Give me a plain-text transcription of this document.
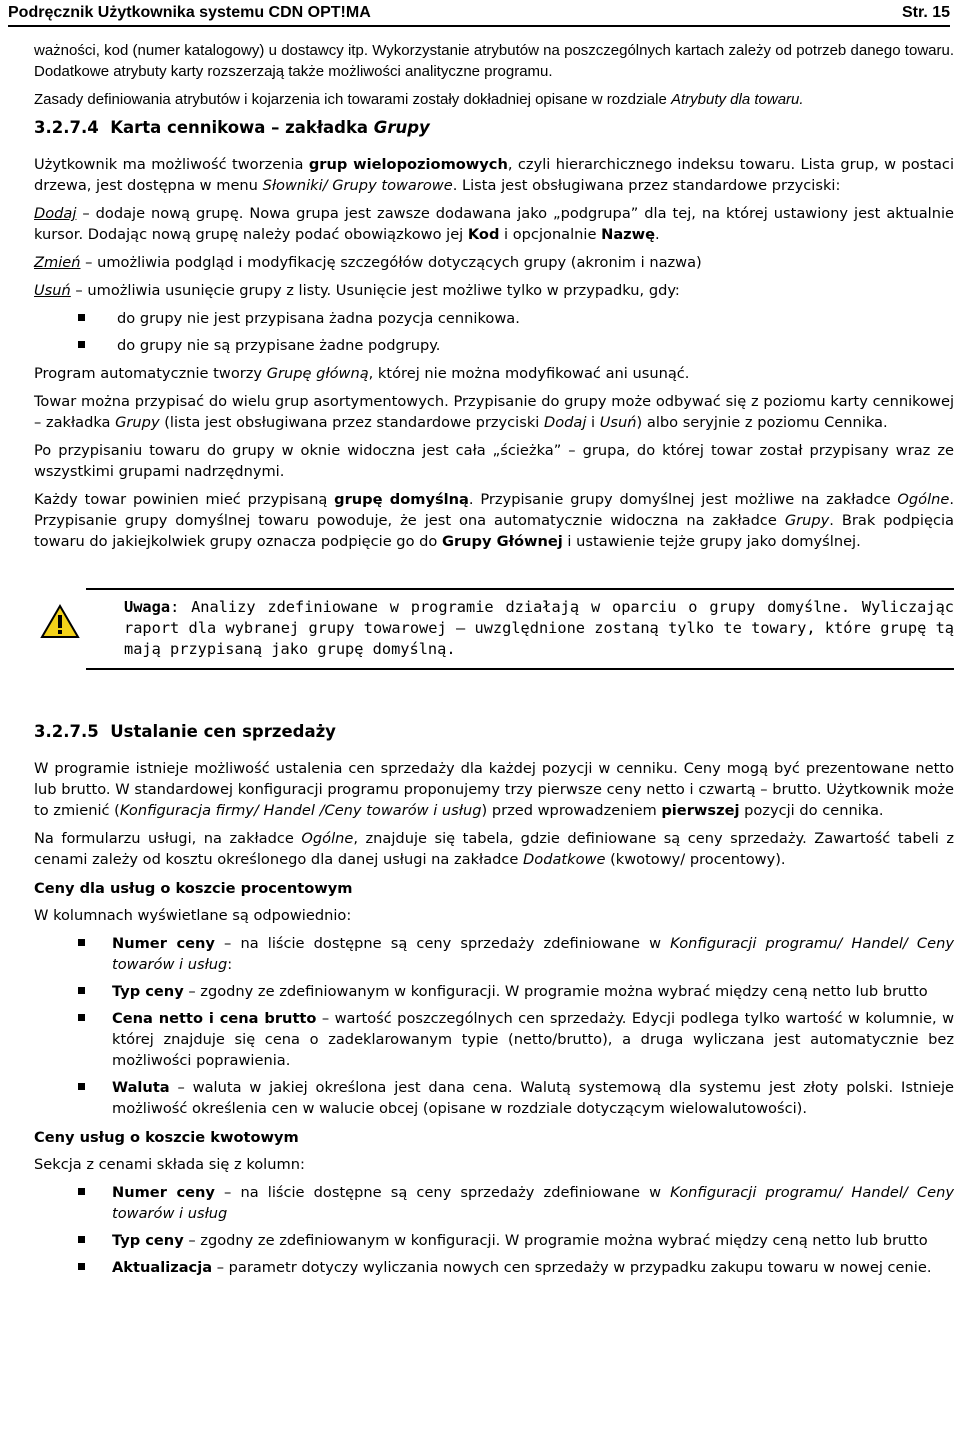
Podręcznik Użytkownika systemu CDN OPT!MA	Str. 15

ważności, kod (numer katalogowy) u dostawcy itp. Wykorzystanie atrybutów na poszczególnych kartach zależy od potrzeb danego towaru. Dodatkowe atrybuty karty rozszerzają także możliwości analityczne programu.

Zasady definiowania atrybutów i kojarzenia ich towarami zostały dokładniej opisane w rozdziale Atrybuty dla towaru.

3.2.7.4 Karta cennikowa – zakładka Grupy

Użytkownik ma możliwość tworzenia grup wielopoziomowych, czyli hierarchicznego indeksu towaru. Lista grup, w postaci drzewa, jest dostępna w menu Słowniki/ Grupy towarowe. Lista jest obsługiwana przez standardowe przyciski:

Dodaj – dodaje nową grupę. Nowa grupa jest zawsze dodawana jako „podgrupa” dla tej, na której ustawiony jest aktualnie kursor. Dodając nową grupę należy podać obowiązkowo jej Kod i opcjonalnie Nazwę.

Zmień – umożliwia podgląd i modyfikację szczegółów dotyczących grupy (akronim i nazwa)

Usuń – umożliwia usunięcie grupy z listy. Usunięcie jest możliwe tylko w przypadku, gdy:

do grupy nie jest przypisana żadna pozycja cennikowa.
do grupy nie są przypisane żadne podgrupy.

Program automatycznie tworzy Grupę główną, której nie można modyfikować ani usunąć.

Towar można przypisać do wielu grup asortymentowych. Przypisanie do grupy może odbywać się z poziomu karty cennikowej – zakładka Grupy (lista jest obsługiwana przez standardowe przyciski Dodaj i Usuń) albo seryjnie z poziomu Cennika.

Po przypisaniu towaru do grupy w oknie widoczna jest cała „ścieżka” – grupa, do której towar został przypisany wraz ze wszystkimi grupami nadrzędnymi.

Każdy towar powinien mieć przypisaną grupę domyślną. Przypisanie grupy domyślnej jest możliwe na zakładce Ogólne. Przypisanie grupy domyślnej towaru powoduje, że jest ona automatycznie widoczna na zakładce Grupy. Brak podpięcia towaru do jakiejkolwiek grupy oznacza podpięcie go do Grupy Głównej i ustawienie tejże grupy jako domyślnej.

Uwaga: Analizy zdefiniowane w programie działają w oparciu o grupy domyślne. Wyliczając raport dla wybranej grupy towarowej – uwzględnione zostaną tylko te towary, które grupę tą mają przypisaną jako grupę domyślną.
3.2.7.5 Ustalanie cen sprzedaży

W programie istnieje możliwość ustalenia cen sprzedaży dla każdej pozycji w cenniku. Ceny mogą być prezentowane netto lub brutto. W standardowej konfiguracji programu proponujemy trzy pierwsze ceny netto i czwartą – brutto. Użytkownik może to zmienić (Konfiguracja firmy/ Handel /Ceny towarów i usług) przed wprowadzeniem pierwszej pozycji do cennika.

Na formularzu usługi, na zakładce Ogólne, znajduje się tabela, gdzie definiowane są ceny sprzedaży. Zawartość tabeli z cenami zależy od kosztu określonego dla danej usługi na zakładce Dodatkowe (kwotowy/ procentowy).

Ceny dla usług o koszcie procentowym

W kolumnach wyświetlane są odpowiednio:

Numer ceny – na liście dostępne są ceny sprzedaży zdefiniowane w Konfiguracji programu/ Handel/ Ceny towarów i usług:
Typ ceny – zgodny ze zdefiniowanym w konfiguracji. W programie można wybrać między ceną netto lub brutto
Cena netto i cena brutto – wartość poszczególnych cen sprzedaży. Edycji podlega tylko wartość w kolumnie, w której znajduje się cena o zadeklarowanym typie (netto/brutto), a druga wyliczana jest automatycznie bez możliwości poprawienia.
Waluta – waluta w jakiej określona jest dana cena. Walutą systemową dla systemu jest złoty polski. Istnieje możliwość określenia cen w walucie obcej (opisane w rozdziale dotyczącym wielowalutowości).
Ceny usług o koszcie kwotowym

Sekcja z cenami składa się z kolumn:

Numer ceny – na liście dostępne są ceny sprzedaży zdefiniowane w Konfiguracji programu/ Handel/ Ceny towarów i usług
Typ ceny – zgodny ze zdefiniowanym w konfiguracji. W programie można wybrać między ceną netto lub brutto
Aktualizacja – parametr dotyczy wyliczania nowych cen sprzedaży w przypadku zakupu towaru w nowej cenie.
